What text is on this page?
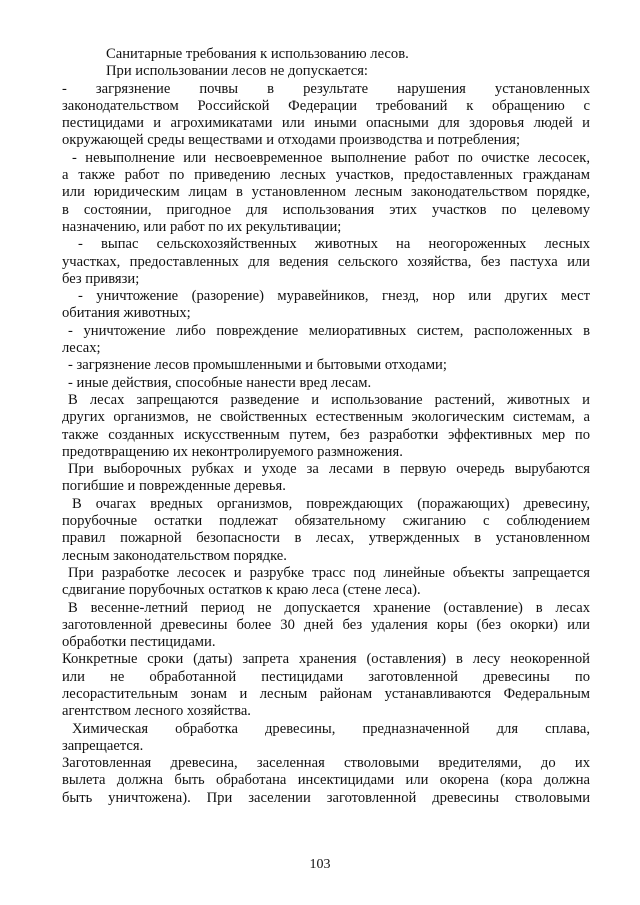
Санитарные требования к использованию лесов.
При использовании лесов не допускается:
- загрязнение почвы в результате нарушения установленных
законодательством Российской Федерации требований к обращению с
пестицидами и агрохимикатами или иными опасными для здоровья людей и
окружающей среды веществами и отходами производства и потребления;
- невыполнение или несвоевременное выполнение работ по очистке лесосек,
а также работ по приведению лесных участков, предоставленных гражданам
или юридическим лицам в установленном лесным законодательством порядке,
в состоянии, пригодное для использования этих участков по целевому
назначению, или работ по их рекультивации;
- выпас сельскохозяйственных животных на неогороженных лесных
участках, предоставленных для ведения сельского хозяйства, без пастуха или
без привязи;
- уничтожение (разорение) муравейников, гнезд, нор или других мест
обитания животных;
- уничтожение либо повреждение мелиоративных систем, расположенных в
лесах;
- загрязнение лесов промышленными и бытовыми отходами;
- иные действия, способные нанести вред лесам.
В лесах запрещаются разведение и использование растений, животных и
других организмов, не свойственных естественным экологическим системам, а
также созданных искусственным путем, без разработки эффективных мер по
предотвращению их неконтролируемого размножения.
При выборочных рубках и уходе за лесами в первую очередь вырубаются
погибшие и поврежденные деревья.
В очагах вредных организмов, повреждающих (поражающих) древесину,
порубочные остатки подлежат обязательному сжиганию с соблюдением
правил пожарной безопасности в лесах, утвержденных в установленном
лесным законодательством порядке.
При разработке лесосек и разрубке трасс под линейные объекты запрещается
сдвигание порубочных остатков к краю леса (стене леса).
В весенне-летний период не допускается хранение (оставление) в лесах
заготовленной древесины более 30 дней без удаления коры (без окорки) или
обработки пестицидами.
Конкретные сроки (даты) запрета хранения (оставления) в лесу неокоренной
или не обработанной пестицидами заготовленной древесины по
лесорастительным зонам и лесным районам устанавливаются Федеральным
агентством лесного хозяйства.
Химическая обработка древесины, предназначенной для сплава,
запрещается.
Заготовленная древесина, заселенная стволовыми вредителями, до их
вылета должна быть обработана инсектицидами или окорена (кора должна
быть уничтожена). При заселении заготовленной древесины стволовыми
103
